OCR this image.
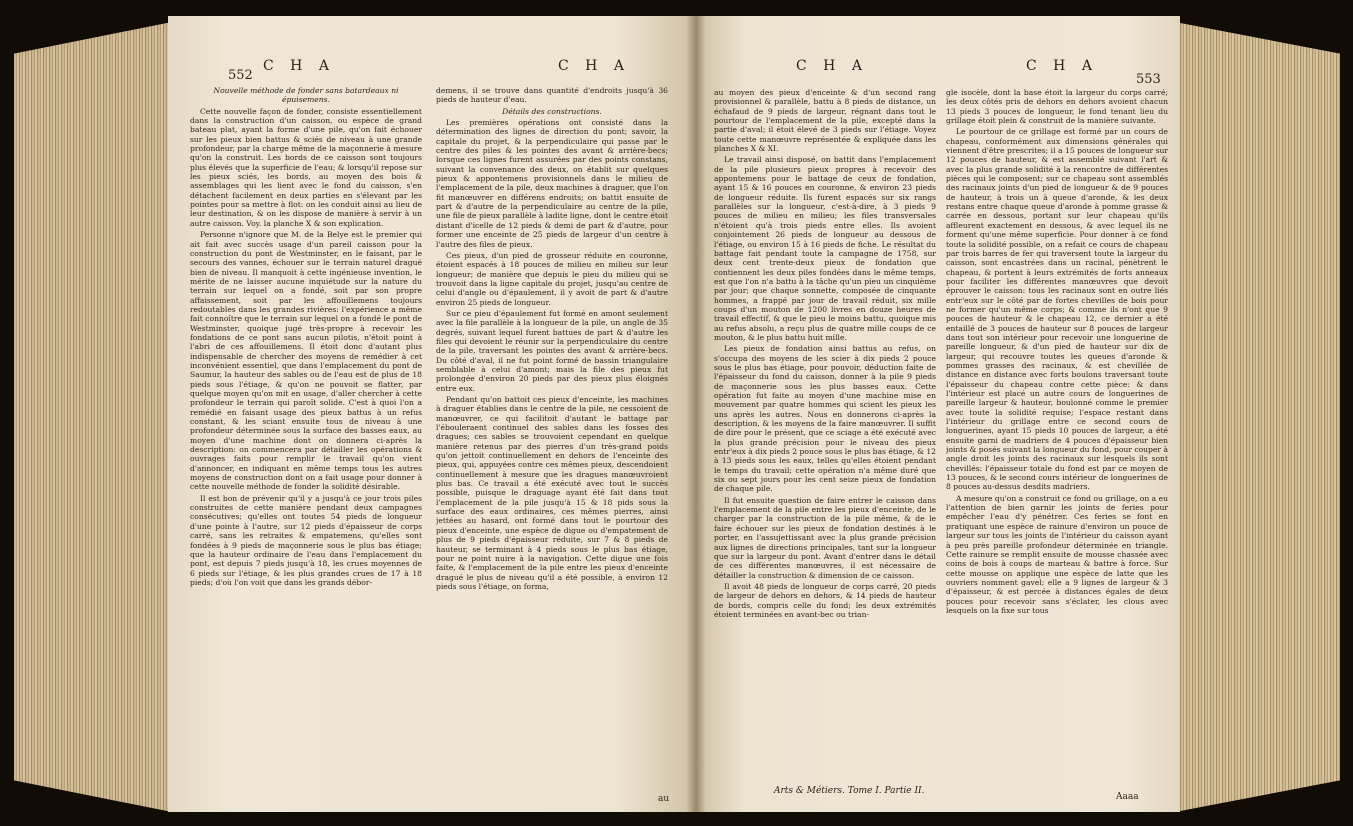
C H A	C H A
552

Nouvelle méthode de fonder sans batardeaux ni épuisemens.

Cette nouvelle façon de fonder, consiste essentiellement dans la construction d'un caisson, ou espèce de grand bateau plat, ayant la forme d'une pile, qu'on fait échouer sur les pieux bien battus & sciés de niveau à une grande profondeur, par la charge même de la maçonnerie à mesure qu'on la construit. Les bords de ce caisson sont toujours plus élevés que la superficie de l'eau; & lorsqu'il repose sur les pieux sciés, les bords, au moyen des bois & assemblages qui les lient avec le fond du caisson, s'en détachent facilement en deux parties en s'élevant par les pointes pour sa mettre à flot: on les conduit ainsi au lieu de leur destination, & on les dispose de manière à servir à un autre caisson. Voy. la planche X & son explication.

Personne n'ignore que M. de la Belye est le premier qui ait fait avec succès usage d'un pareil caisson pour la construction du pont de Westminster, en le faisant, par le secours des vannes, échouer sur le terrain naturel dragué bien de niveau. Il manquoit à cette ingénieuse invention, le mérite de ne laisser aucune inquiétude sur la nature du terrain sur lequel on a fondé, soit par son propre affaissement, soit par les affouillemens toujours redoutables dans les grandes rivières: l'expérience a même fait connoître que le terrain sur lequel on a fondé le pont de Westminster, quoique jugé très-propre à recevoir les fondations de ce pont sans aucun pilotis, n'étoit point à l'abri de ces affouillemens. Il étoit donc d'autant plus indispensable de chercher des moyens de remédier à cet inconvénient essentiel, que dans l'emplacement du pont de Saumur, la hauteur des sables ou de l'eau est de plus de 18 pieds sous l'étiage, & qu'on ne pouvoit se flatter, par quelque moyen qu'on mit en usage, d'aller chercher à cette profondeur le terrain qui paroît solide. C'est à quoi l'on a remédié en faisant usage des pieux battus à un refus constant, & les sciant ensuite tous de niveau à une profondeur déterminée sous la surface des basses eaux, au moyen d'une machine dont on donnera ci-après la description: on commencera par détailler les opérations & ouvrages faits pour remplir le travail qu'on vient d'annoncer, en indiquant en même temps tous les autres moyens de construction dont on a fait usage pour donner à cette nouvelle méthode de fonder la solidité désirable.

Il est bon de prévenir qu'il y a jusqu'à ce jour trois piles construites de cette manière pendant deux campagnes consécutives; qu'elles ont toutes 54 pieds de longueur d'une pointe à l'autre, sur 12 pieds d'épaisseur de corps carré, sans les retraites & empatemens, qu'elles sont fondées à 9 pieds de maçonnerie sous le plus bas étiage; que la hauteur ordinaire de l'eau dans l'emplacement du pont, est depuis 7 pieds jusqu'à 18, les crues moyennes de 6 pieds sur l'étiage, & les plus grandes crues de 17 à 18 pieds; d'où l'on voit que dans les grands débor-

demens, il se trouve dans quantité d'endroits jusqu'à 36 pieds de hauteur d'eau.

Détails des constructions.

Les premières opérations ont consisté dans la détermination des lignes de direction du pont; savoir, la capitale du projet, & la perpendiculaire qui passe par le centre des piles & les pointes des avant & arrière-becs; lorsque ces lignes furent assurées par des points constans, suivant la convenance des deux, on établit sur quelques pieux & appontemens provisionnels dans le milieu de l'emplacement de la pile, deux machines à draguer, que l'on fit manœuvrer en différens endroits; on battit ensuite de part & d'autre de la perpendiculaire au centre de la pile, une file de pieux parallèle à ladite ligne, dont le centre étoit distant d'icelle de 12 pieds & demi de part & d'autre, pour former une enceinte de 25 pieds de largeur d'un centre à l'autre des files de pieux.

Ces pieux, d'un pied de grosseur réduite en couronne, étoient espacés à 18 pouces de milieu en milieu sur leur longueur; de manière que depuis le pieu du milieu qui se trouvoit dans la ligne capitale du projet, jusqu'au centre de celui d'angle ou d'épaulement, il y avoit de part & d'autre environ 25 pieds de longueur.

Sur ce pieu d'épaulement fut formé en amont seulement avec la file parallèle à la longueur de la pile, un angle de 35 degrés, suivant lequel furent battues de part & d'autre les files qui devoient le réunir sur la perpendiculaire du centre de la pile, traversant les pointes des avant & arrière-becs. Du côté d'aval, il ne fut point formé de bassin triangulaire semblable à celui d'amont; mais la file des pieux fut prolongée d'environ 20 pieds par des pieux plus éloignés entre eux.

Pendant qu'on battoit ces pieux d'enceinte, les machines à draguer établies dans le centre de la pile, ne cessoient de manœuvrer, ce qui facilitoit d'autant le battage par l'ébouleraent continuel des sables dans les fosses des dragues; ces sables se trouvoient cependant en quelque manière retenus par des pierres d'un très-grand poids qu'on jettoit continuellement en dehors de l'enceinte des pieux, qui, appuyées contre ces mêmes pieux, descendoient continuellement à mesure que les dragues manœuvroient plus bas. Ce travail a été exécuté avec tout le succès possible, puisque le draguage ayant été fait dans tout l'emplacement de la pile jusqu'à 15 & 18 pids sous la surface des eaux ordinaires, ces mêmes pierres, ainsi jettées au hasard, ont formé dans tout le pourtour des pieux d'enceinte, une espèce de digue ou d'empatement de plus de 9 pieds d'épaisseur réduite, sur 7 & 8 pieds de hauteur, se terminant à 4 pieds sous le plus bas étiage, pour ne point nuire à la navigation. Cette digue une fois faite, & l'emplacement de la pile entre les pieux d'enceinte dragué le plus de niveau qu'il a été possible, à environ 12 pieds sous l'étiage, on forma,

au
C H A	C H A
553

au moyen des pieux d'enceinte & d'un second rang provisionnel & parallèle, battu à 8 pieds de distance, un échafaud de 9 pieds de largeur, régnant dans tout le pourtour de l'emplacement de la pile, excepté dans la partie d'aval; il étoit élevé de 3 pieds sur l'étiage. Voyez toute cette manœuvre représentée & expliquée dans les planches X & XI.

Le travail ainsi disposé, on battit dans l'emplacement de la pile plusieurs pieux propres à recevoir des appontemens pour le battage de ceux de fondation, ayant 15 & 16 pouces en couronne, & environ 23 pieds de longueur réduite. Ils furent espacés sur six rangs parallèles sur la longueur, c'est-à-dire, à 3 pieds 9 pouces de milieu en milieu; les files transversales n'étoient qu'à trois pieds entre elles. Ils avoient conjointement 26 pieds de longueur au dessous de l'étiage, ou environ 15 à 16 pieds de fiche. Le résultat du battage fait pendant toute la campagne de 1758, sur deux cent trente-deux pieux de fondation que contiennent les deux piles fondées dans le même temps, est que l'on n'a battu à la tâche qu'un pieu un cinquième par jour; que chaque sonnette, composée de cinquante hommes, a frappé par jour de travail réduit, six mille coups d'un mouton de 1200 livres en douze heures de travail effectif, & que le pieu le moins battu, quoique mis au refus absolu, a reçu plus de quatre mille coups de ce mouton, & le plus battu huit mille.

Les pieux de fondation ainsi battus au refus, on s'occupa des moyens de les scier à dix pieds 2 pouce sous le plus bas étiage, pour pouvoir, déduction faite de l'épaisseur du fond du caisson, donner à la pile 9 pieds de maçonnerie sous les plus basses eaux. Cette opération fut faite au moyen d'une machine mise en mouvement par quatre hommes qui scient les pieux les uns après les autres. Nous en donnerons ci-après la description, & les moyens de la faire manœuvrer. Il suffit de dire pour le présent, que ce sciage a été exécuté avec la plus grande précision pour le niveau des pieux entr'eux à dix pieds 2 pouce sous le plus bas étiage, & 12 à 13 pieds sous les eaux, telles qu'elles étoient pendant le temps du travail; cette opération n'a même duré que six ou sept jours pour les cent seize pieux de fondation de chaque pile.

Il fut ensuite question de faire entrer le caisson dans l'emplacement de la pile entre les pieux d'enceinte, de le charger par la construction de la pile même, & de le faire échouer sur les pieux de fondation destinés à le porter, en l'assujettissant avec la plus grande précision aux lignes de directions principales, tant sur la longueur que sur la largeur du pont. Avant d'entrer dans le détail de ces différentes manœuvres, il est nécessaire de détailler la construction & dimension de ce caisson.

Il avoit 48 pieds de longueur de corps carré, 20 pieds de largeur de dehors en dehors, & 14 pieds de hauteur de bords, compris celle du fond; les deux extrémités étoient terminées en avant-bec ou trian-

gle isocèle, dont la base étoit la largeur du corps carré; les deux côtés pris de dehors en dehors avoient chacun 13 pieds 3 pouces de longueur, le fond tenant lieu du grillage étoit plein & construit de la manière suivante.

Le pourtour de ce grillage est formé par un cours de chapeau, conformément aux dimensions générales qui viennent d'être prescrites; il a 15 pouces de longueur sur 12 pouces de hauteur, & est assemblé suivant l'art & avec la plus grande solidité à la rencontre de différentes pièces qui le composent; sur ce chapeau sont assemblés des racinaux joints d'un pied de longueur & de 9 pouces de hauteur, à trois un à queue d'aronde, & les deux restans entre chaque queue d'aronde à pomme grasse & carrée en dessous, portant sur leur chapeau qu'ils affleurent exactement en dessous, & avec lequel ils ne forment qu'une même superficie. Pour donner à ce fond toute la solidité possible, on a refait ce cours de chapeau par trois barres de fer qui traversent toute la largeur du caisson, sont encastrées dans un racinal, pénètrent le chapeau, & portent à leurs extrémités de forts anneaux pour faciliter les différentes manœuvres que devoit éprouver le caisson: tous les racinaux sont en outre liés entr'eux sur le côté par de fortes chevilles de bois pour ne former qu'un même corps; & comme ils n'ont que 9 pouces de hauteur & le chapeau 12, ce dernier a été entaillé de 3 pouces de hauteur sur 8 pouces de largeur dans tout son intérieur pour recevoir une longuerine de pareille longueur, & d'un pied de hauteur sur dix de largeur, qui recouvre toutes les queues d'aronde & pommes grasses des racinaux, & est chevillée de distance en distance avec forts boulons traversant toute l'épaisseur du chapeau contre cette pièce: & dans l'intérieur est placé un autre cours de longuerines de pareille largeur & hauteur, boulonné comme le premier avec toute la solidité requise; l'espace restant dans l'intérieur du grillage entre ce second cours de longuerines, ayant 15 pieds 10 pouces de largeur, a été ensuite garni de madriers de 4 pouces d'épaisseur bien joints & posés suivant la longueur du fond, pour couper à angle droit les joints des racinaux sur lesquels ils sont chevillés: l'épaisseur totale du fond est par ce moyen de 13 pouces, & le second cours intérieur de longuerines de 8 pouces au-dessus desdits madriers.

A mesure qu'on a construit ce fond ou grillage, on a eu l'attention de bien garnir les joints de feries pour empêcher l'eau d'y pénétrer. Ces feries se font en pratiquant une espèce de rainure d'environ un pouce de largeur sur tous les joints de l'intérieur du caisson ayant à peu près pareille profondeur déterminée en triangle. Cette rainure se remplit ensuite de mousse chassée avec coins de bois à coups de marteau & battre à force. Sur cette mousse on applique une espèce de latte que les ouvriers nomment gavel; elle a 9 lignes de largeur & 3 d'épaisseur, & est percée à distances égales de deux pouces pour recevoir sans s'éclater, les clous avec lesquels on la fixe sur tous

Arts & Métiers. Tome I. Partie II.
Aaaa
